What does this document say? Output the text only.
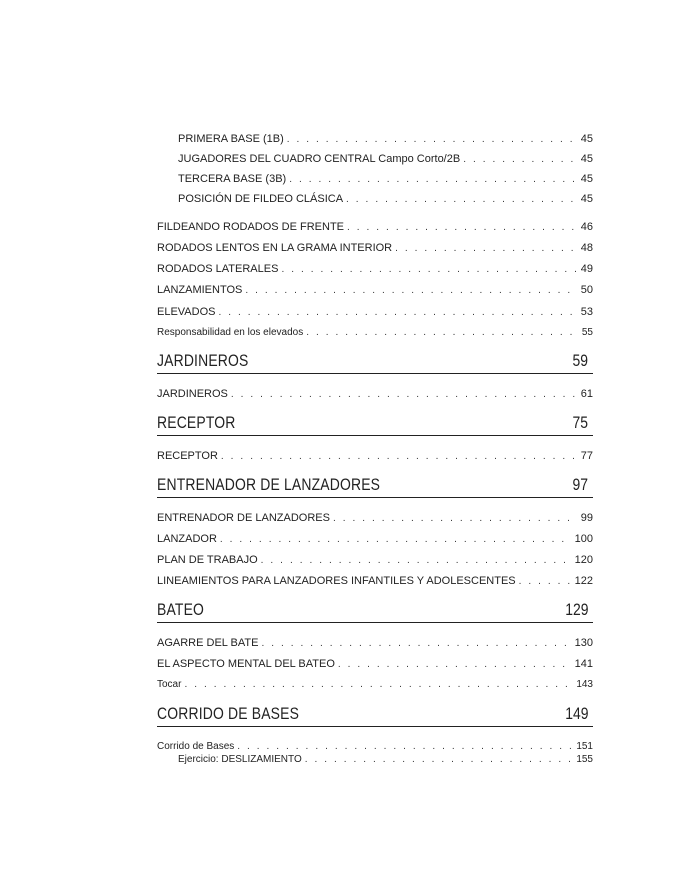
PRIMERA BASE (1B) . . .	45
JUGADORES DEL CUADRO CENTRAL Campo Corto/2B . . .	45
TERCERA BASE (3B) . . .	45
POSICIÓN DE FILDEO CLÁSICA . . .	45
FILDEANDO RODADOS DE FRENTE . . .	46
RODADOS LENTOS EN LA GRAMA INTERIOR . . .	48
RODADOS LATERALES . . .	49
LANZAMIENTOS . . .	50
ELEVADOS . . .	53
Responsabilidad en los elevados . . .	55
JARDINEROS	59
JARDINEROS . . .	61
RECEPTOR	75
RECEPTOR . . .	77
ENTRENADOR DE LANZADORES	97
ENTRENADOR DE LANZADORES . . .	99
LANZADOR . . .	100
PLAN DE TRABAJO . . .	120
LINEAMIENTOS PARA LANZADORES INFANTILES Y ADOLESCENTES . . .	122
BATEO	129
AGARRE DEL BATE . . .	130
EL ASPECTO MENTAL DEL BATEO . . .	141
Tocar . . .	143
CORRIDO DE BASES	149
Corrido de Bases . . .	151
Ejercicio: DESLIZAMIENTO . . .	155
